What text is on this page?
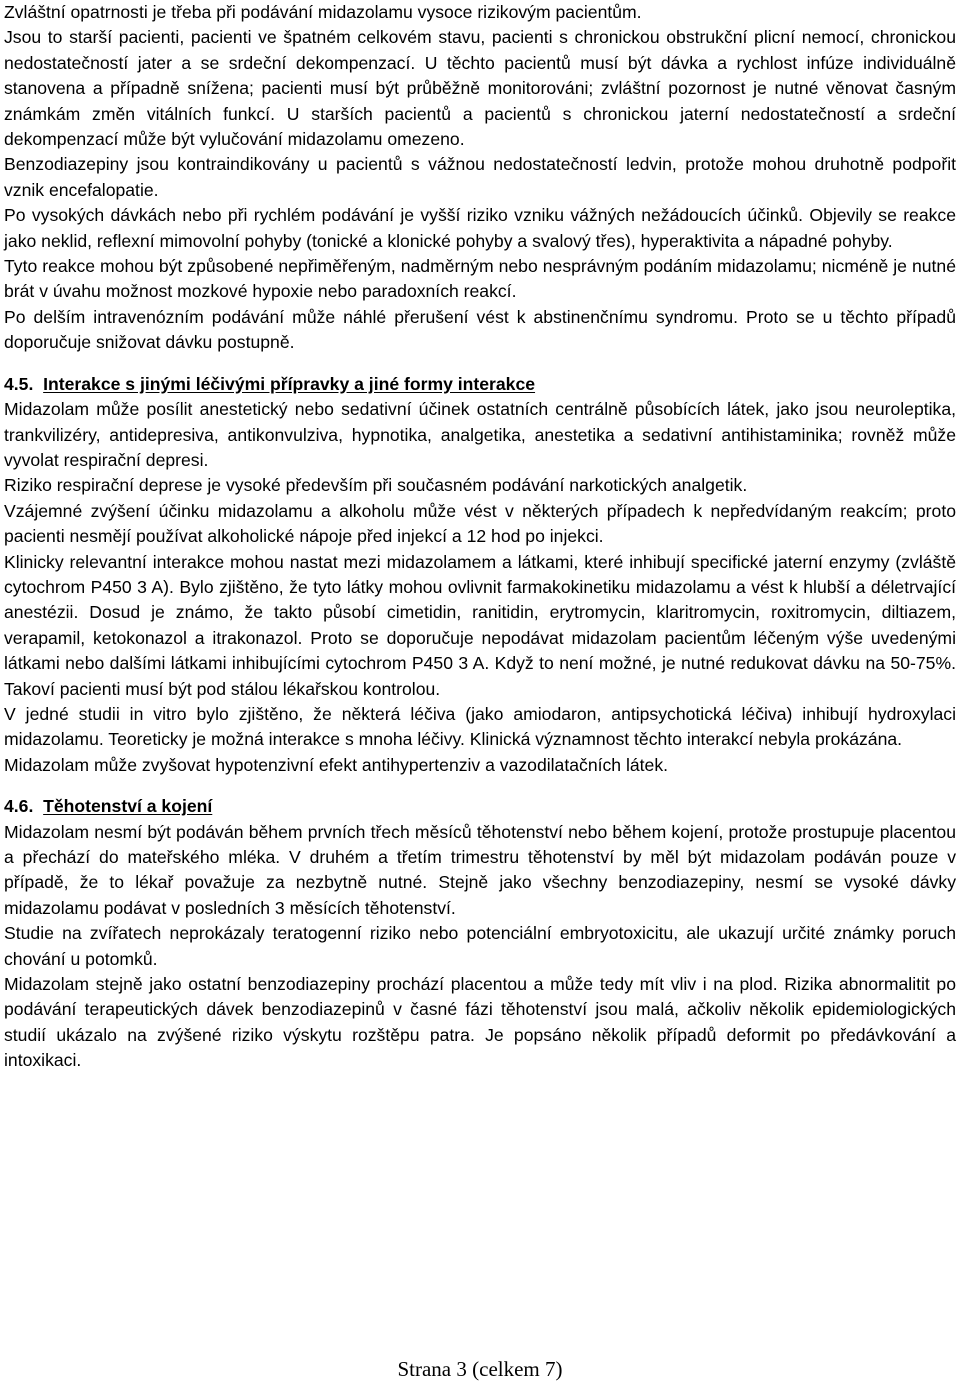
Zvláštní opatrnosti je třeba při podávání midazolamu vysoce rizikovým pacientům.

Jsou to starší pacienti, pacienti ve špatném celkovém stavu, pacienti s chronickou obstrukční plicní nemocí, chronickou nedostatečností jater a se srdeční dekompenzací. U těchto pacientů musí být dávka a rychlost infúze individuálně stanovena a případně snížena; pacienti musí být průběžně monitorováni; zvláštní pozornost je nutné věnovat časným známkám změn vitálních funkcí. U starších pacientů a pacientů s chronickou jaterní nedostatečností a srdeční dekompenzací může být vylučování midazolamu omezeno.

Benzodiazepiny jsou kontraindikovány u pacientů s vážnou nedostatečností ledvin, protože mohou druhotně podpořit vznik encefalopatie.

Po vysokých dávkách nebo při rychlém podávání je vyšší riziko vzniku vážných nežádoucích účinků. Objevily se reakce jako neklid, reflexní mimovolní pohyby (tonické a klonické pohyby a svalový třes), hyperaktivita a nápadné pohyby.

Tyto reakce mohou být způsobené nepřiměřeným, nadměrným nebo nesprávným podáním midazolamu; nicméně je nutné brát v úvahu možnost mozkové hypoxie nebo paradoxních reakcí.

Po delším intravenózním podávání může náhlé přerušení vést k abstinenčnímu syndromu. Proto se u těchto případů doporučuje snižovat dávku postupně.

4.5. Interakce s jinými léčivými přípravky a jiné formy interakce

Midazolam může posílit anestetický nebo sedativní účinek ostatních centrálně působících látek, jako jsou neuroleptika, trankvilizéry, antidepresiva, antikonvulziva, hypnotika, analgetika, anestetika a sedativní antihistaminika; rovněž může vyvolat respirační depresi.

Riziko respirační deprese je vysoké především při současném podávání narkotických analgetik.

Vzájemné zvýšení účinku midazolamu a alkoholu může vést v některých případech k nepředvídaným reakcím; proto pacienti nesmějí používat alkoholické nápoje před injekcí a 12 hod po injekci.

Klinicky relevantní interakce mohou nastat mezi midazolamem a látkami, které inhibují specifické jaterní enzymy (zvláště cytochrom P450 3 A). Bylo zjištěno, že tyto látky mohou ovlivnit farmakokinetiku midazolamu a vést k hlubší a déletrvající anestézii. Dosud je známo, že takto působí cimetidin, ranitidin, erytromycin, klaritromycin, roxitromycin, diltiazem, verapamil, ketokonazol a itrakonazol. Proto se doporučuje nepodávat midazolam pacientům léčeným výše uvedenými látkami nebo dalšími látkami inhibujícími cytochrom P450 3 A. Když to není možné, je nutné redukovat dávku na 50-75%. Takoví pacienti musí být pod stálou lékařskou kontrolou.

V jedné studii in vitro bylo zjištěno, že některá léčiva (jako amiodaron, antipsychotická léčiva) inhibují hydroxylaci midazolamu. Teoreticky je možná interakce s mnoha léčivy. Klinická významnost těchto interakcí nebyla prokázána.

Midazolam může zvyšovat hypotenzivní efekt antihypertenziv a vazodilatačních látek.

4.6. Těhotenství a kojení

Midazolam nesmí být podáván během prvních třech měsíců těhotenství nebo během kojení, protože prostupuje placentou a přechází do mateřského mléka. V druhém a třetím trimestru těhotenství by měl být midazolam podáván pouze v případě, že to lékař považuje za nezbytně nutné. Stejně jako všechny benzodiazepiny, nesmí se vysoké dávky midazolamu podávat v posledních 3 měsících těhotenství.

Studie na zvířatech neprokázaly teratogenní riziko nebo potenciální embryotoxicitu, ale ukazují určité známky poruch chování u potomků.

Midazolam stejně jako ostatní benzodiazepiny prochází placentou a může tedy mít vliv i na plod. Rizika abnormalitit po podávání terapeutických dávek benzodiazepinů v časné fázi těhotenství jsou malá, ačkoliv několik epidemiologických studií ukázalo na zvýšené riziko výskytu rozštěpu patra. Je popsáno několik případů deformit po předávkování a intoxikaci.

Strana 3 (celkem 7)
